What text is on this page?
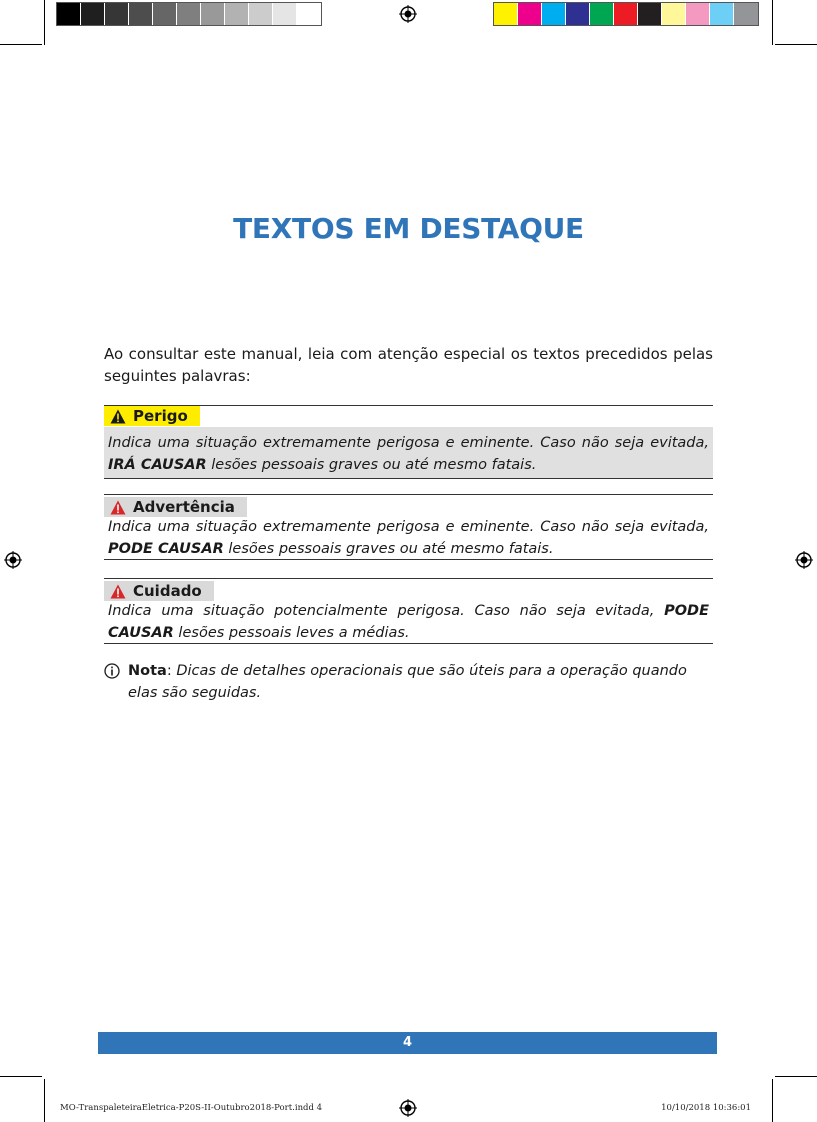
TEXTOS EM DESTAQUE
Ao consultar este manual, leia com atenção especial os textos precedidos pelas seguintes palavras:
Perigo
Indica uma situação extremamente perigosa e eminente. Caso não seja evitada, IRÁ CAUSAR lesões pessoais graves ou até mesmo fatais.
Advertência
Indica uma situação extremamente perigosa e eminente. Caso não seja evitada, PODE CAUSAR lesões pessoais graves ou até mesmo fatais.
Cuidado
Indica uma situação potencialmente perigosa. Caso não seja evitada, PODE CAUSAR lesões pessoais leves a médias.
Nota: Dicas de detalhes operacionais que são úteis para a operação quando elas são seguidas.
4
MO-TranspaleteiraEletrica-P20S-II-Outubro2018-Port.indd 4	10/10/2018 10:36:01
